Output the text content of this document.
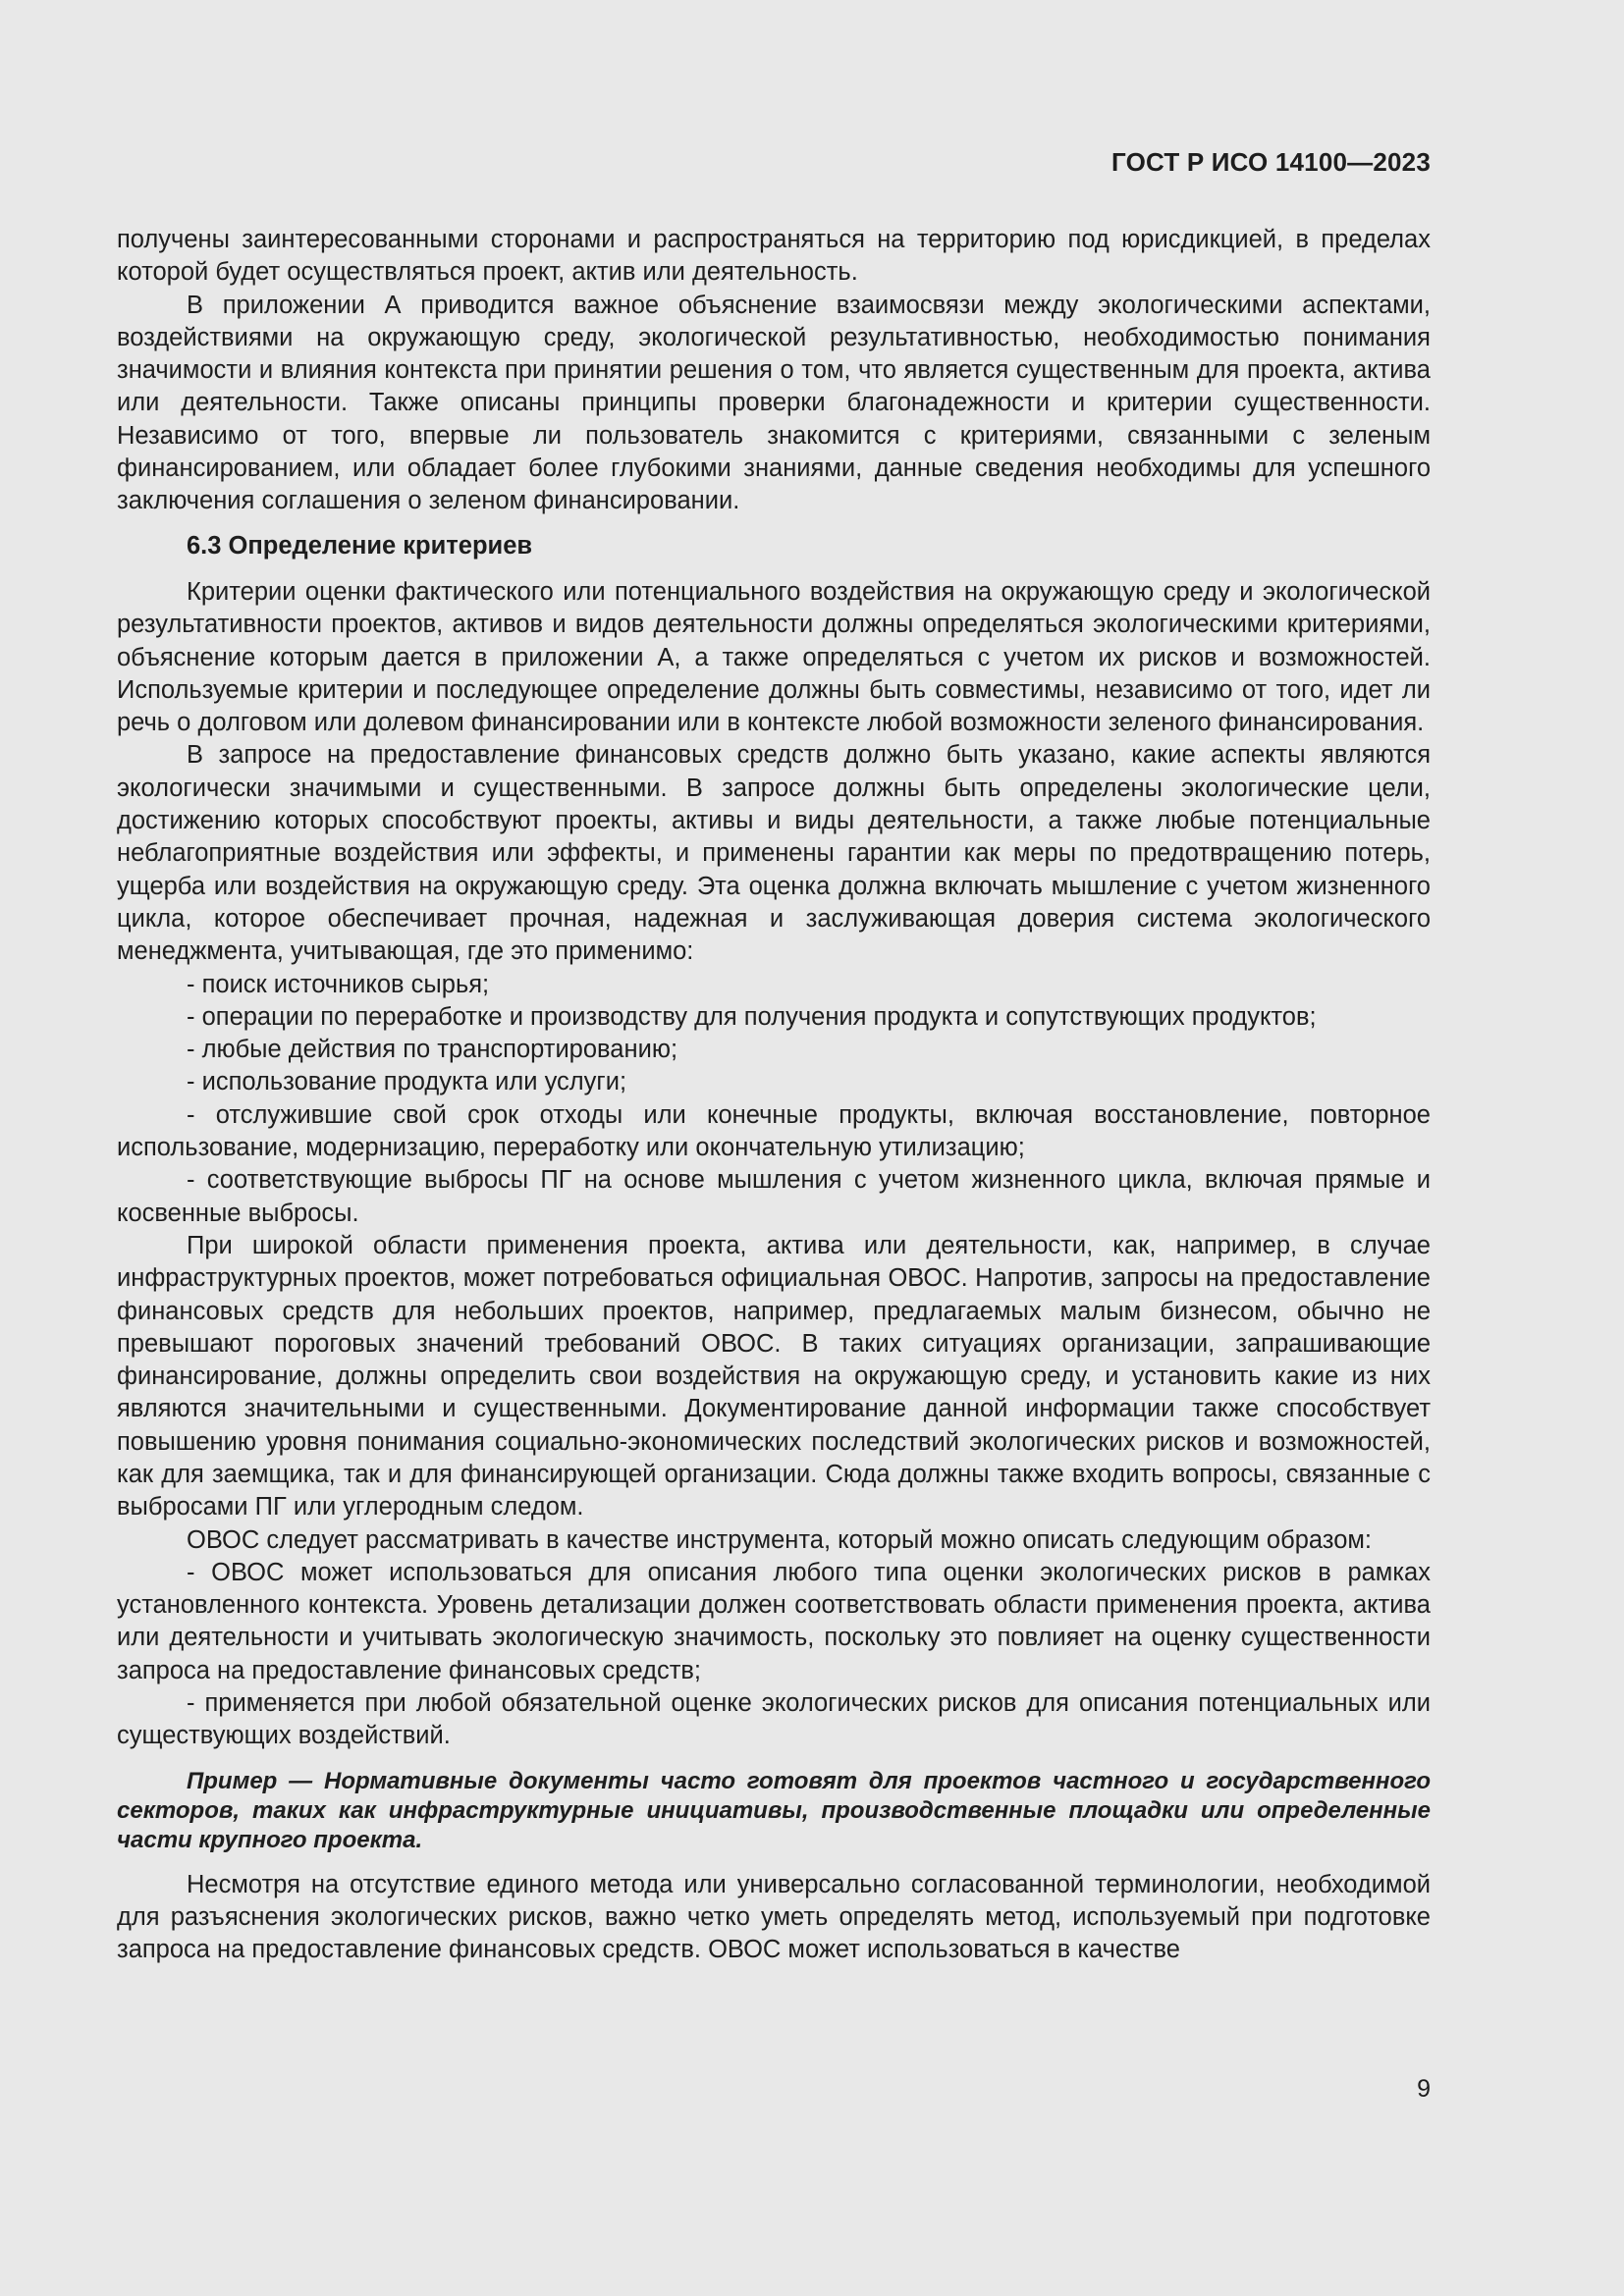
ГОСТ Р ИСО 14100—2023

получены заинтересованными сторонами и распространяться на территорию под юрисдикцией, в пределах которой будет осуществляться проект, актив или деятельность.

В приложении А приводится важное объяснение взаимосвязи между экологическими аспектами, воздействиями на окружающую среду, экологической результативностью, необходимостью понимания значимости и влияния контекста при принятии решения о том, что является существенным для проекта, актива или деятельности. Также описаны принципы проверки благонадежности и критерии существенности. Независимо от того, впервые ли пользователь знакомится с критериями, связанными с зеленым финансированием, или обладает более глубокими знаниями, данные сведения необходимы для успешного заключения соглашения о зеленом финансировании.

6.3 Определение критериев

Критерии оценки фактического или потенциального воздействия на окружающую среду и экологической результативности проектов, активов и видов деятельности должны определяться экологическими критериями, объяснение которым дается в приложении А, а также определяться с учетом их рисков и возможностей. Используемые критерии и последующее определение должны быть совместимы, независимо от того, идет ли речь о долговом или долевом финансировании или в контексте любой возможности зеленого финансирования.

В запросе на предоставление финансовых средств должно быть указано, какие аспекты являются экологически значимыми и существенными. В запросе должны быть определены экологические цели, достижению которых способствуют проекты, активы и виды деятельности, а также любые потенциальные неблагоприятные воздействия или эффекты, и применены гарантии как меры по предотвращению потерь, ущерба или воздействия на окружающую среду. Эта оценка должна включать мышление с учетом жизненного цикла, которое обеспечивает прочная, надежная и заслуживающая доверия система экологического менеджмента, учитывающая, где это применимо:

- поиск источников сырья;

- операции по переработке и производству для получения продукта и сопутствующих продуктов;

- любые действия по транспортированию;

- использование продукта или услуги;

- отслужившие свой срок отходы или конечные продукты, включая восстановление, повторное использование, модернизацию, переработку или окончательную утилизацию;

- соответствующие выбросы ПГ на основе мышления с учетом жизненного цикла, включая прямые и косвенные выбросы.

При широкой области применения проекта, актива или деятельности, как, например, в случае инфраструктурных проектов, может потребоваться официальная ОВОС. Напротив, запросы на предоставление финансовых средств для небольших проектов, например, предлагаемых малым бизнесом, обычно не превышают пороговых значений требований ОВОС. В таких ситуациях организации, запрашивающие финансирование, должны определить свои воздействия на окружающую среду, и установить какие из них являются значительными и существенными. Документирование данной информации также способствует повышению уровня понимания социально-экономических последствий экологических рисков и возможностей, как для заемщика, так и для финансирующей организации. Сюда должны также входить вопросы, связанные с выбросами ПГ или углеродным следом.

ОВОС следует рассматривать в качестве инструмента, который можно описать следующим образом:

- ОВОС может использоваться для описания любого типа оценки экологических рисков в рамках установленного контекста. Уровень детализации должен соответствовать области применения проекта, актива или деятельности и учитывать экологическую значимость, поскольку это повлияет на оценку существенности запроса на предоставление финансовых средств;

- применяется при любой обязательной оценке экологических рисков для описания потенциальных или существующих воздействий.

Пример — Нормативные документы часто готовят для проектов частного и государственного секторов, таких как инфраструктурные инициативы, производственные площадки или определенные части крупного проекта.

Несмотря на отсутствие единого метода или универсально согласованной терминологии, необходимой для разъяснения экологических рисков, важно четко уметь определять метод, используемый при подготовке запроса на предоставление финансовых средств. ОВОС может использоваться в качестве

9
